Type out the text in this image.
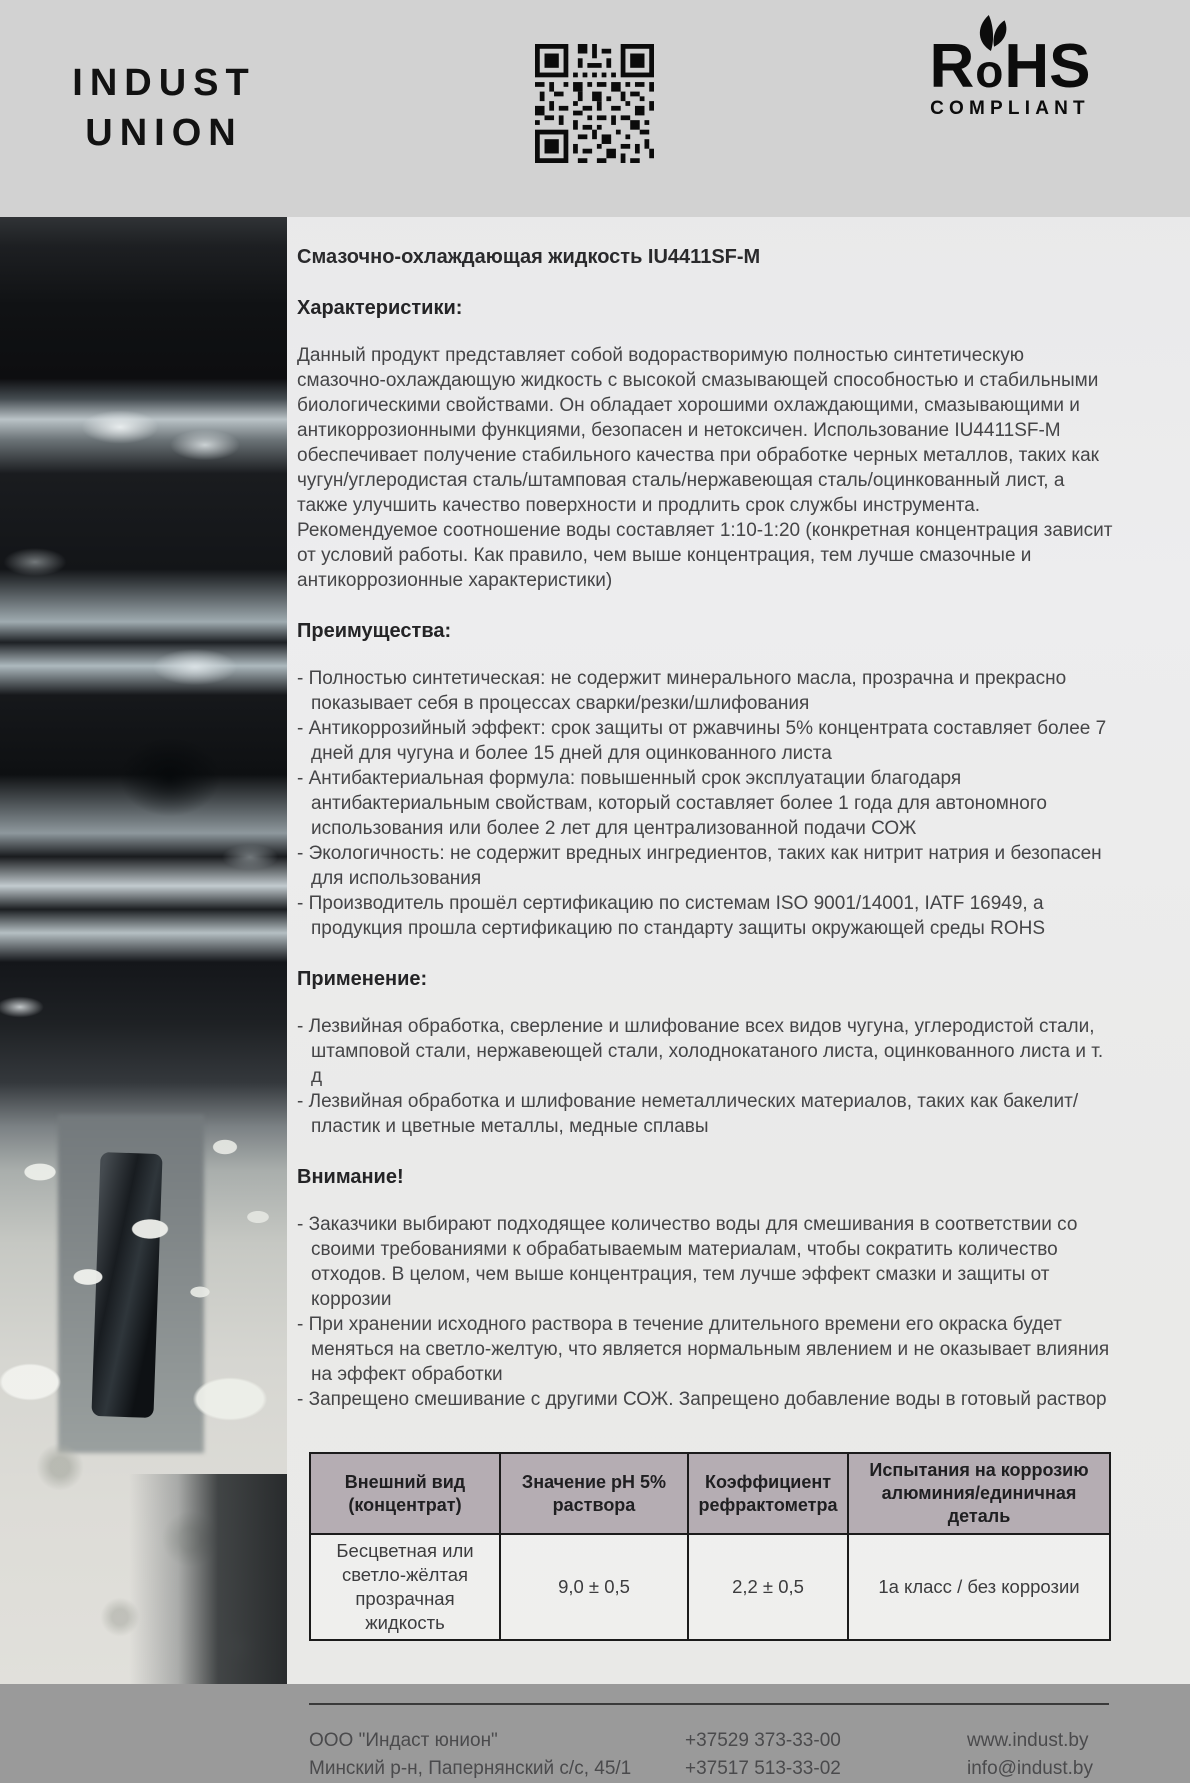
INDUST
UNION
R o HS
COMPLIANT
Смазочно-охлаждающая жидкость IU4411SF-M
Характеристики:
Данный продукт представляет собой водорастворимую полностью синтетическую смазочно-охлаждающую жидкость с высокой смазывающей способностью и стабильными биологическими свойствами. Он обладает хорошими охлаждающими, смазывающими и антикоррозионными функциями, безопасен и нетоксичен. Использование IU4411SF-M обеспечивает получение стабильного качества при обработке черных металлов, таких как чугун/углеродистая сталь/штамповая сталь/нержавеющая сталь/оцинкованный лист, а также улучшить качество поверхности и продлить срок службы инструмента. Рекомендуемое соотношение воды составляет 1:10-1:20 (конкретная концентрация зависит от условий работы. Как правило, чем выше концентрация, тем лучше смазочные и антикоррозионные характеристики)
Преимущества:
- Полностью синтетическая: не содержит минерального масла, прозрачна и прекрасно показывает себя в процессах сварки/резки/шлифования
- Антикоррозийный эффект: срок защиты от ржавчины 5% концентрата составляет более 7 дней для чугуна и более 15 дней для оцинкованного листа
- Антибактериальная формула: повышенный срок эксплуатации благодаря антибактериальным свойствам, который составляет более 1 года для автономного использования или более 2 лет для централизованной подачи СОЖ
- Экологичность: не содержит вредных ингредиентов, таких как нитрит натрия и безопасен для использования
- Производитель прошёл сертификацию по системам ISO 9001/14001, IATF 16949, а продукция прошла сертификацию по стандарту защиты окружающей среды ROHS
Применение:
- Лезвийная обработка, сверление и шлифование всех видов чугуна, углеродистой стали, штамповой стали, нержавеющей стали, холоднокатаного листа, оцинкованного листа и т. д
- Лезвийная обработка и шлифование неметаллических материалов, таких как бакелит/пластик и цветные металлы, медные сплавы
Внимание!
- Заказчики выбирают подходящее количество воды для смешивания в соответствии со своими требованиями к обрабатываемым материалам, чтобы сократить количество отходов. В целом, чем выше концентрация, тем лучше эффект смазки и защиты от коррозии
- При хранении исходного раствора в течение длительного времени его окраска будет меняться на светло-желтую, что является нормальным явлением и не оказывает влияния на эффект обработки
- Запрещено смешивание с другими СОЖ. Запрещено добавление воды в готовый раствор
Внешний вид (концентрат)	Значение pH 5% раствора	Коэффициент рефрактометра	Испытания на коррозию алюминия/единичная деталь
Бесцветная или светло-жёлтая прозрачная жидкость	9,0 ± 0,5	2,2 ± 0,5	1а класс / без коррозии
ООО "Индаст юнион"
Минский р-н, Папернянский с/с, 45/1
+37529 373-33-00
+37517 513-33-02
www.indust.by
info@indust.by
